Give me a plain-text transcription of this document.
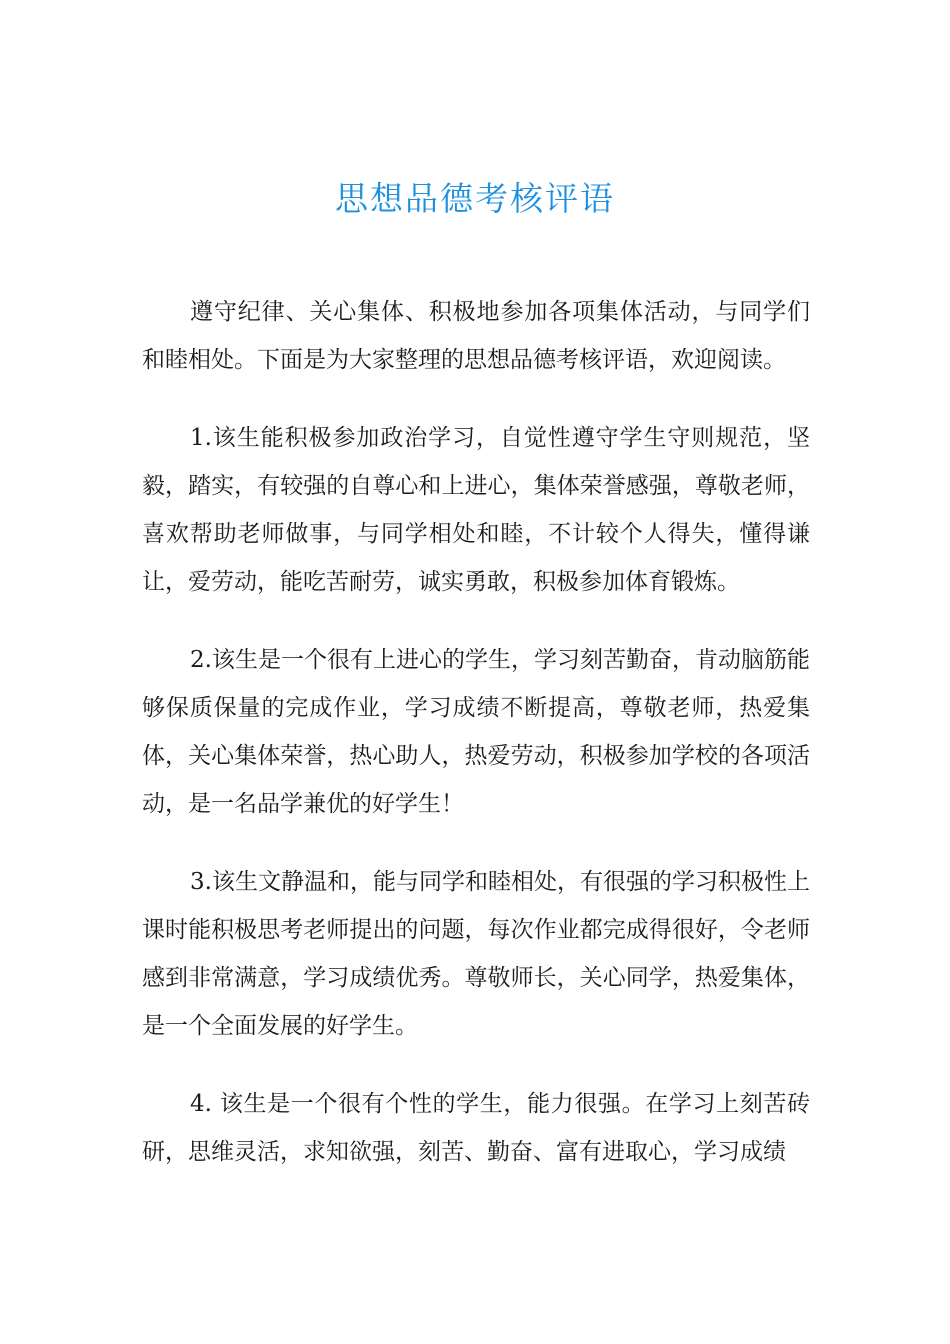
思想品德考核评语

遵守纪律、关心集体、积极地参加各项集体活动，与同学们和睦相处。下面是为大家整理的思想品德考核评语，欢迎阅读。

1.该生能积极参加政治学习，自觉性遵守学生守则规范，坚毅，踏实，有较强的自尊心和上进心，集体荣誉感强，尊敬老师，喜欢帮助老师做事，与同学相处和睦，不计较个人得失，懂得谦让，爱劳动，能吃苦耐劳，诚实勇敢，积极参加体育锻炼。

2.该生是一个很有上进心的学生，学习刻苦勤奋，肯动脑筋能够保质保量的完成作业，学习成绩不断提高，尊敬老师，热爱集体，关心集体荣誉，热心助人，热爱劳动，积极参加学校的各项活动，是一名品学兼优的好学生！

3.该生文静温和，能与同学和睦相处，有很强的学习积极性上课时能积极思考老师提出的问题，每次作业都完成得很好，令老师感到非常满意，学习成绩优秀。尊敬师长，关心同学，热爱集体，是一个全面发展的好学生。

4. 该生是一个很有个性的学生，能力很强。在学习上刻苦砖研，思维灵活，求知欲强，刻苦、勤奋、富有进取心，学习成绩
